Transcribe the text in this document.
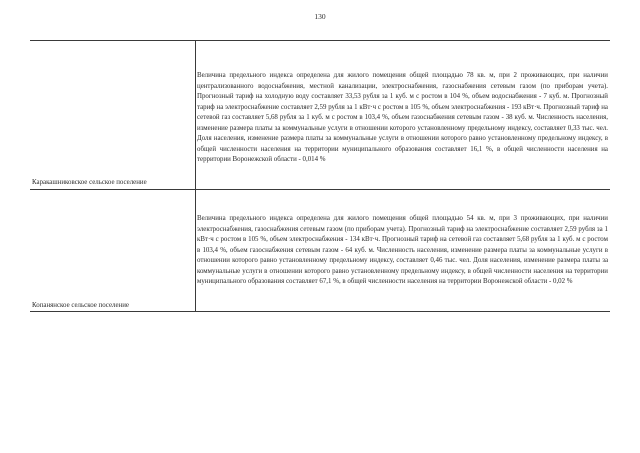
130
Величина предельного индекса определена для жилого помещения общей площадью 78 кв. м, при 2 проживающих, при наличии централизованного водоснабжения, местной канализации, электроснабжения, газоснабжения сетевым газом (по приборам учета). Прогнозный тариф на холодную воду составляет 33,53 рубля за 1 куб. м с ростом в 104 %, объем водоснабжения - 7 куб. м. Прогнозный тариф на электроснабжение составляет 2,59 рубля за 1 кВт·ч с ростом в 105 %, объем электроснабжения - 193 кВт·ч. Прогнозный тариф на сетевой газ составляет 5,68 рубля за 1 куб. м с ростом в 103,4 %, объем газоснабжения сетевым газом - 38 куб. м. Численность населения, изменение размера платы за коммунальные услуги в отношении которого установленному предельному индексу, составляет 0,33 тыс. чел. Доля населения, изменение размера платы за коммунальные услуги в отношении которого равно установленному предельному индексу, в общей численности населения на территории муниципального образования составляет 16,1 %, в общей численности населения на территории Воронежской области - 0,014 %
Каракашниковское сельское поселение
Величина предельного индекса определена для жилого помещения общей площадью 54 кв. м, при 3 проживающих, при наличии электроснабжения, газоснабжения сетевым газом (по приборам учета). Прогнозный тариф на электроснабжение составляет 2,59 рубля за 1 кВт·ч с ростом в 105 %, объем электроснабжения - 134 кВт·ч. Прогнозный тариф на сетевой газ составляет 5,68 рубля за 1 куб. м с ростом в 103,4 %, объем газоснабжения сетевым газом - 64 куб. м. Численность населения, изменение размера платы за коммунальные услуги в отношении которого равно установленному предельному индексу, составляет 0,46 тыс. чел. Доля населения, изменение размера платы за коммунальные услуги в отношении которого равно установленному предельному индексу, в общей численности населения на территории муниципального образования составляет 67,1 %, в общей численности населения на территории Воронежской области - 0,02 %
Копанянское сельское поселение
